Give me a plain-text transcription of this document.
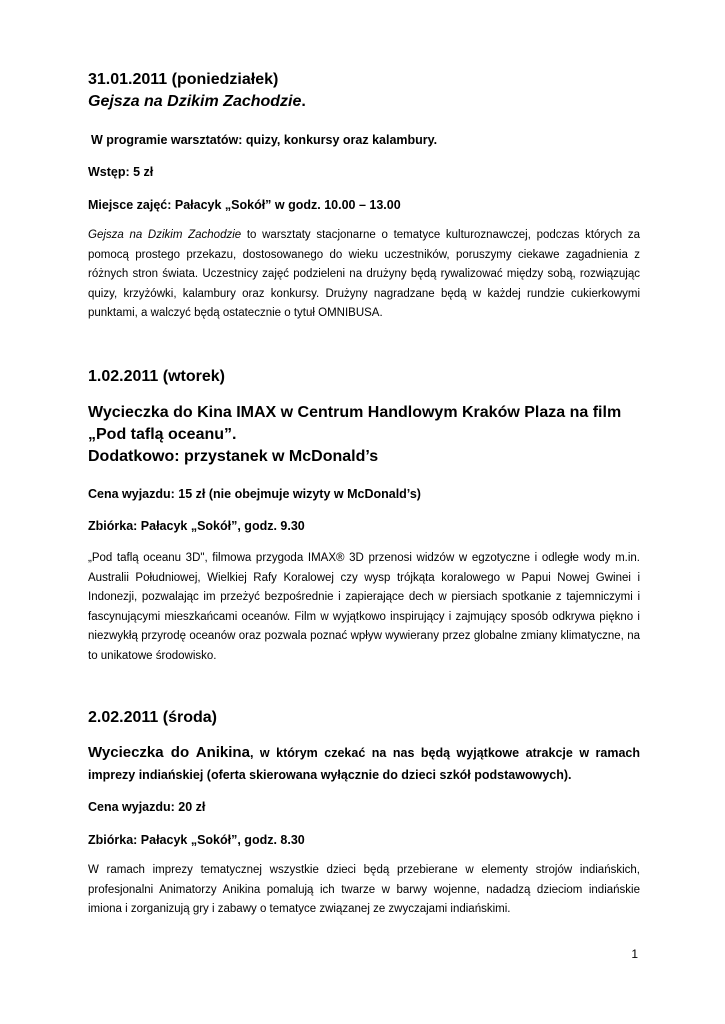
31.01.2011 (poniedziałek)

Gejsza na Dzikim Zachodzie.

W programie warsztatów: quizy, konkursy oraz kalambury.

Wstęp: 5 zł

Miejsce zajęć: Pałacyk „Sokół” w godz. 10.00 – 13.00

Gejsza na Dzikim Zachodzie to warsztaty stacjonarne o tematyce kulturoznawczej, podczas których za pomocą prostego przekazu, dostosowanego do wieku uczestników, poruszymy ciekawe zagadnienia z różnych stron świata. Uczestnicy zajęć podzieleni na drużyny będą rywalizować między sobą, rozwiązując quizy, krzyżówki, kalambury oraz konkursy. Drużyny nagradzane będą w każdej rundzie cukierkowymi punktami, a walczyć będą ostatecznie o tytuł OMNIBUSA.

1.02.2011 (wtorek)

Wycieczka do Kina IMAX w Centrum Handlowym Kraków Plaza na film „Pod taflą oceanu”.

Dodatkowo: przystanek w McDonald’s

Cena wyjazdu: 15 zł (nie obejmuje wizyty w McDonald’s)

Zbiórka: Pałacyk „Sokół”, godz. 9.30

„Pod taflą oceanu 3D", filmowa przygoda IMAX® 3D przenosi widzów w egzotyczne i odległe wody m.in. Australii Południowej, Wielkiej Rafy Koralowej czy wysp trójkąta koralowego w Papui Nowej Gwinei i Indonezji, pozwalając im przeżyć bezpośrednie i zapierające dech w piersiach spotkanie z tajemniczymi i fascynującymi mieszkańcami oceanów. Film w wyjątkowo inspirujący i zajmujący sposób odkrywa piękno i niezwykłą przyrodę oceanów oraz pozwala poznać wpływ wywierany przez globalne zmiany klimatyczne, na to unikatowe środowisko.

2.02.2011 (środa)

Wycieczka do Anikina, w którym czekać na nas będą wyjątkowe atrakcje w ramach imprezy indiańskiej (oferta skierowana wyłącznie do dzieci szkół podstawowych).

Cena wyjazdu: 20 zł

Zbiórka: Pałacyk „Sokół”, godz. 8.30

W ramach imprezy tematycznej wszystkie dzieci będą przebierane w elementy strojów indiańskich, profesjonalni Animatorzy Anikina pomalują ich twarze w barwy wojenne, nadadzą dzieciom indiańskie imiona i zorganizują gry i zabawy o tematyce związanej ze zwyczajami indiańskimi.

1
